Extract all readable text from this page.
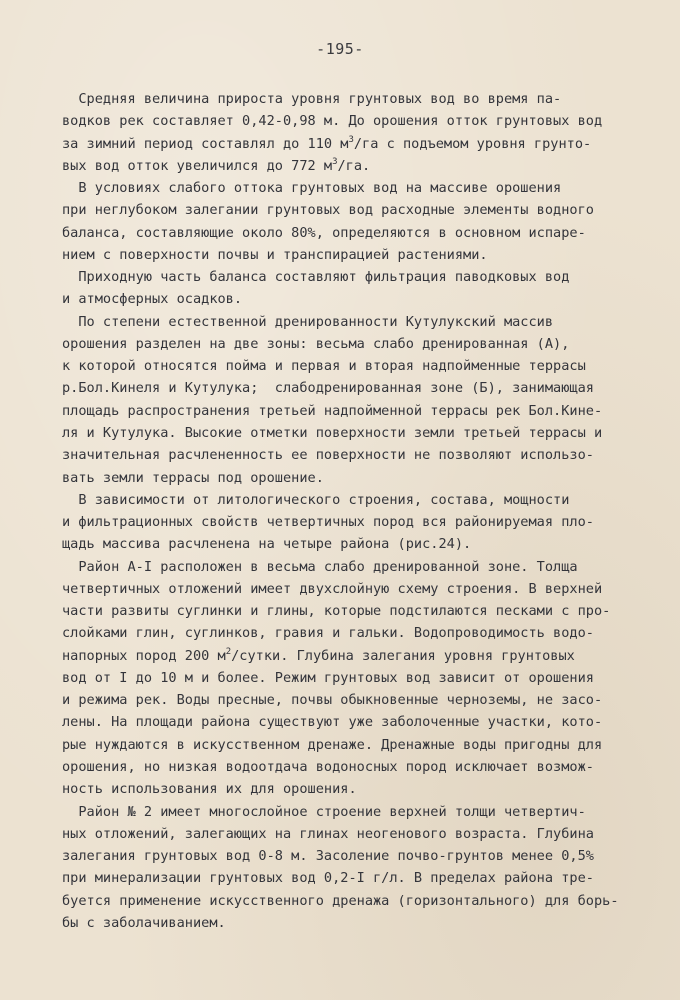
-195-
Средняя величина прироста уровня грунтовых вод во время па-
водков рек составляет 0,42-0,98 м. До орошения отток грунтовых вод
за зимний период составлял до 110 $м^3/га$ с подъемом уровня грунто-
вых вод отток увеличился до 772 $м^3/га$.
В условиях слабого оттока грунтовых вод на массиве орошения
при неглубоком залегании грунтовых вод расходные элементы водного
баланса, составляющие около 80%, определяются в основном испаре-
нием с поверхности почвы и транспирацией растениями.
Приходную часть баланса составляют фильтрация паводковых вод
и атмосферных осадков.
По степени естественной дренированности Кутулукский массив
орошения разделен на две зоны: весьма слабо дренированная (А),
к которой относятся пойма и первая и вторая надпойменные террасы
р.Бол.Кинеля и Кутулука;  слабодренированная зоне (Б), занимающая
площадь распространения третьей надпойменной террасы рек Бол.Кине-
ля и Кутулука. Высокие отметки поверхности земли третьей террасы и
значительная расчлененность ее поверхности не позволяют использо-
вать земли террасы под орошение.
В зависимости от литологического строения, состава, мощности
и фильтрационных свойств четвертичных пород вся районируемая пло-
щадь массива расчленена на четыре района (рис.24).
Район А-I расположен в весьма слабо дренированной зоне. Толща
четвертичных отложений имеет двухслойную схему строения. В верхней
части развиты суглинки и глины, которые подстилаются песками с про-
слойками глин, суглинков, гравия и гальки. Водопроводимость водо-
напорных пород 200 $м^2$/сутки. Глубина залегания уровня грунтовых
вод от I до 10 м и более. Режим грунтовых вод зависит от орошения
и режима рек. Воды пресные, почвы обыкновенные черноземы, не засо-
лены. На площади района существуют уже заболоченные участки, кото-
рые нуждаются в искусственном дренаже. Дренажные воды пригодны для
орошения, но низкая водоотдача водоносных пород исключает возмож-
ность использования их для орошения.
Район № 2 имеет многослойное строение верхней толщи четвертич-
ных отложений, залегающих на глинах неогенового возраста. Глубина
залегания грунтовых вод 0-8 м. Засоление почво-грунтов менее 0,5%
при минерализации грунтовых вод 0,2-I г/л. В пределах района тре-
буется применение искусственного дренажа (горизонтального) для борь-
бы с заболачиванием.
